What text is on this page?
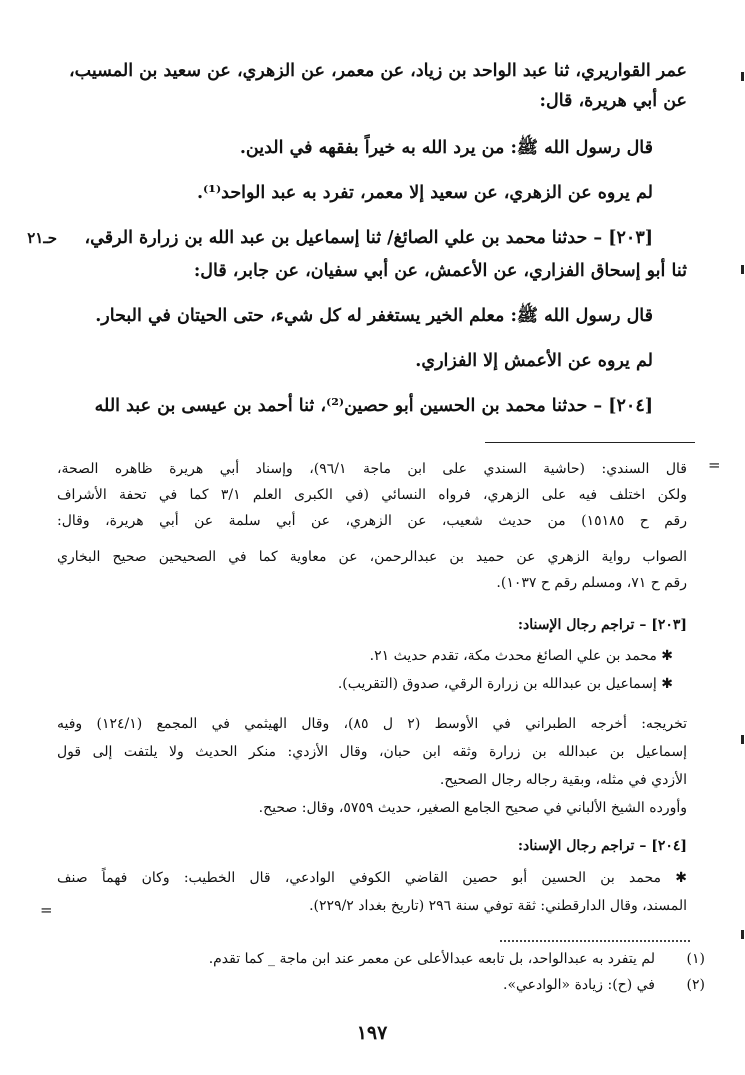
عمر القواريري، ثنا عبد الواحد بن زياد، عن معمر، عن الزهري، عن سعيد بن المسيب،
عن أبي هريرة، قال:
قال رسول الله ﷺ: من يرد الله به خيراً بفقهه في الدين.
لم يروه عن الزهري، عن سعيد إلا معمر، تفرد به عبد الواحد⁽¹⁾.
[٢٠٣] – حدثنا محمد بن علي الصائغ/ ثنا إسماعيل بن عبد الله بن زرارة الرقي،
ثنا أبو إسحاق الفزاري، عن الأعمش، عن أبي سفيان، عن جابر، قال:
قال رسول الله ﷺ: معلم الخير يستغفر له كل شيء، حتى الحيتان في البحار.
لم يروه عن الأعمش إلا الفزاري.
[٢٠٤] – حدثنا محمد بن الحسين أبو حصين⁽²⁾، ثنا أحمد بن عيسى بن عبد الله
حـ٢١
=
قال السندي: (حاشية السندي على ابن ماجة ٩٦/١)، وإسناد أبي هريرة ظاهره الصحة،
ولكن اختلف فيه على الزهري، فرواه النسائي (في الكبرى العلم ٣/١ كما في تحفة الأشراف
رقم ح ١٥١٨٥) من حديث شعيب، عن الزهري، عن أبي سلمة عن أبي هريرة، وقال:
الصواب رواية الزهري عن حميد بن عبدالرحمن، عن معاوية كما في الصحيحين صحيح البخاري
رقم ح ٧١، ومسلم رقم ح ١٠٣٧).
[٢٠٣] – تراجم رجال الإسناد:
✱ محمد بن علي الصائغ محدث مكة، تقدم حديث ٢١.
✱ إسماعيل بن عبدالله بن زرارة الرقي، صدوق (التقريب).
تخريجه: أخرجه الطبراني في الأوسط (٢ ل ٨٥)، وقال الهيثمي في المجمع (١٢٤/١) وفيه
إسماعيل بن عبدالله بن زرارة وثقه ابن حبان، وقال الأزدي: منكر الحديث ولا يلتفت إلى قول
الأزدي في مثله، وبقية رجاله رجال الصحيح.
وأورده الشيخ الألباني في صحيح الجامع الصغير، حديث ٥٧٥٩، وقال: صحيح.
[٢٠٤] – تراجم رجال الإسناد:
✱ محمد بن الحسين أبو حصين القاضي الكوفي الوادعي، قال الخطيب: وكان فهماً صنف
المسند، وقال الدارقطني: ثقة توفي سنة ٢٩٦ (تاريخ بغداد ٢٢٩/٢).
=
(١)
لم يتفرد به عبدالواحد، بل تابعه عبدالأعلى عن معمر عند ابن ماجة _ كما تقدم.
(٢)
في (ح): زيادة «الوادعي».
١٩٧
